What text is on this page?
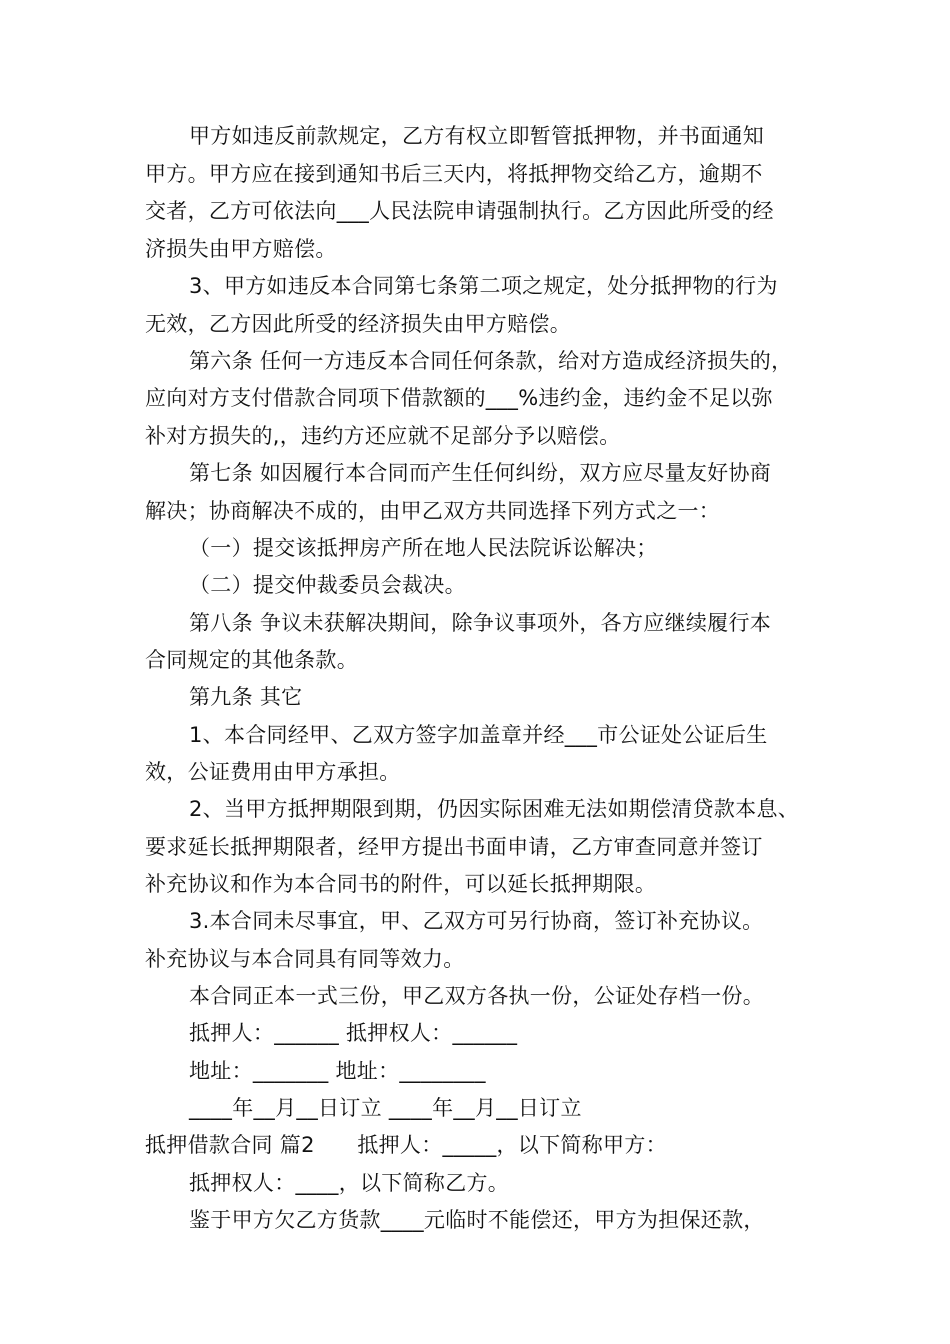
甲方如违反前款规定，乙方有权立即暂管抵押物，并书面通知
甲方。甲方应在接到通知书后三天内，将抵押物交给乙方，逾期不
交者，乙方可依法向___人民法院申请强制执行。乙方因此所受的经
济损失由甲方赔偿。
3、甲方如违反本合同第七条第二项之规定，处分抵押物的行为
无效，乙方因此所受的经济损失由甲方赔偿。
第六条 任何一方违反本合同任何条款，给对方造成经济损失的，
应向对方支付借款合同项下借款额的___%违约金，违约金不足以弥
补对方损失的,，违约方还应就不足部分予以赔偿。
第七条 如因履行本合同而产生任何纠纷，双方应尽量友好协商
解决；协商解决不成的，由甲乙双方共同选择下列方式之一：
（一）提交该抵押房产所在地人民法院诉讼解决；
（二）提交仲裁委员会裁决。
第八条 争议未获解决期间，除争议事项外，各方应继续履行本
合同规定的其他条款。
第九条 其它
1、本合同经甲、乙双方签字加盖章并经___市公证处公证后生
效，公证费用由甲方承担。
2、当甲方抵押期限到期，仍因实际困难无法如期偿清贷款本息、
要求延长抵押期限者，经甲方提出书面申请，乙方审查同意并签订
补充协议和作为本合同书的附件，可以延长抵押期限。
3.本合同未尽事宜，甲、乙双方可另行协商，签订补充协议。
补充协议与本合同具有同等效力。
本合同正本一式三份，甲乙双方各执一份，公证处存档一份。
抵押人：______ 抵押权人：______
地址：_______ 地址：________
____年__月__日订立 ____年__月__日订立
抵押借款合同 篇2　　抵押人：_____，以下简称甲方：
抵押权人：____，以下简称乙方。
鉴于甲方欠乙方货款____元临时不能偿还，甲方为担保还款，
